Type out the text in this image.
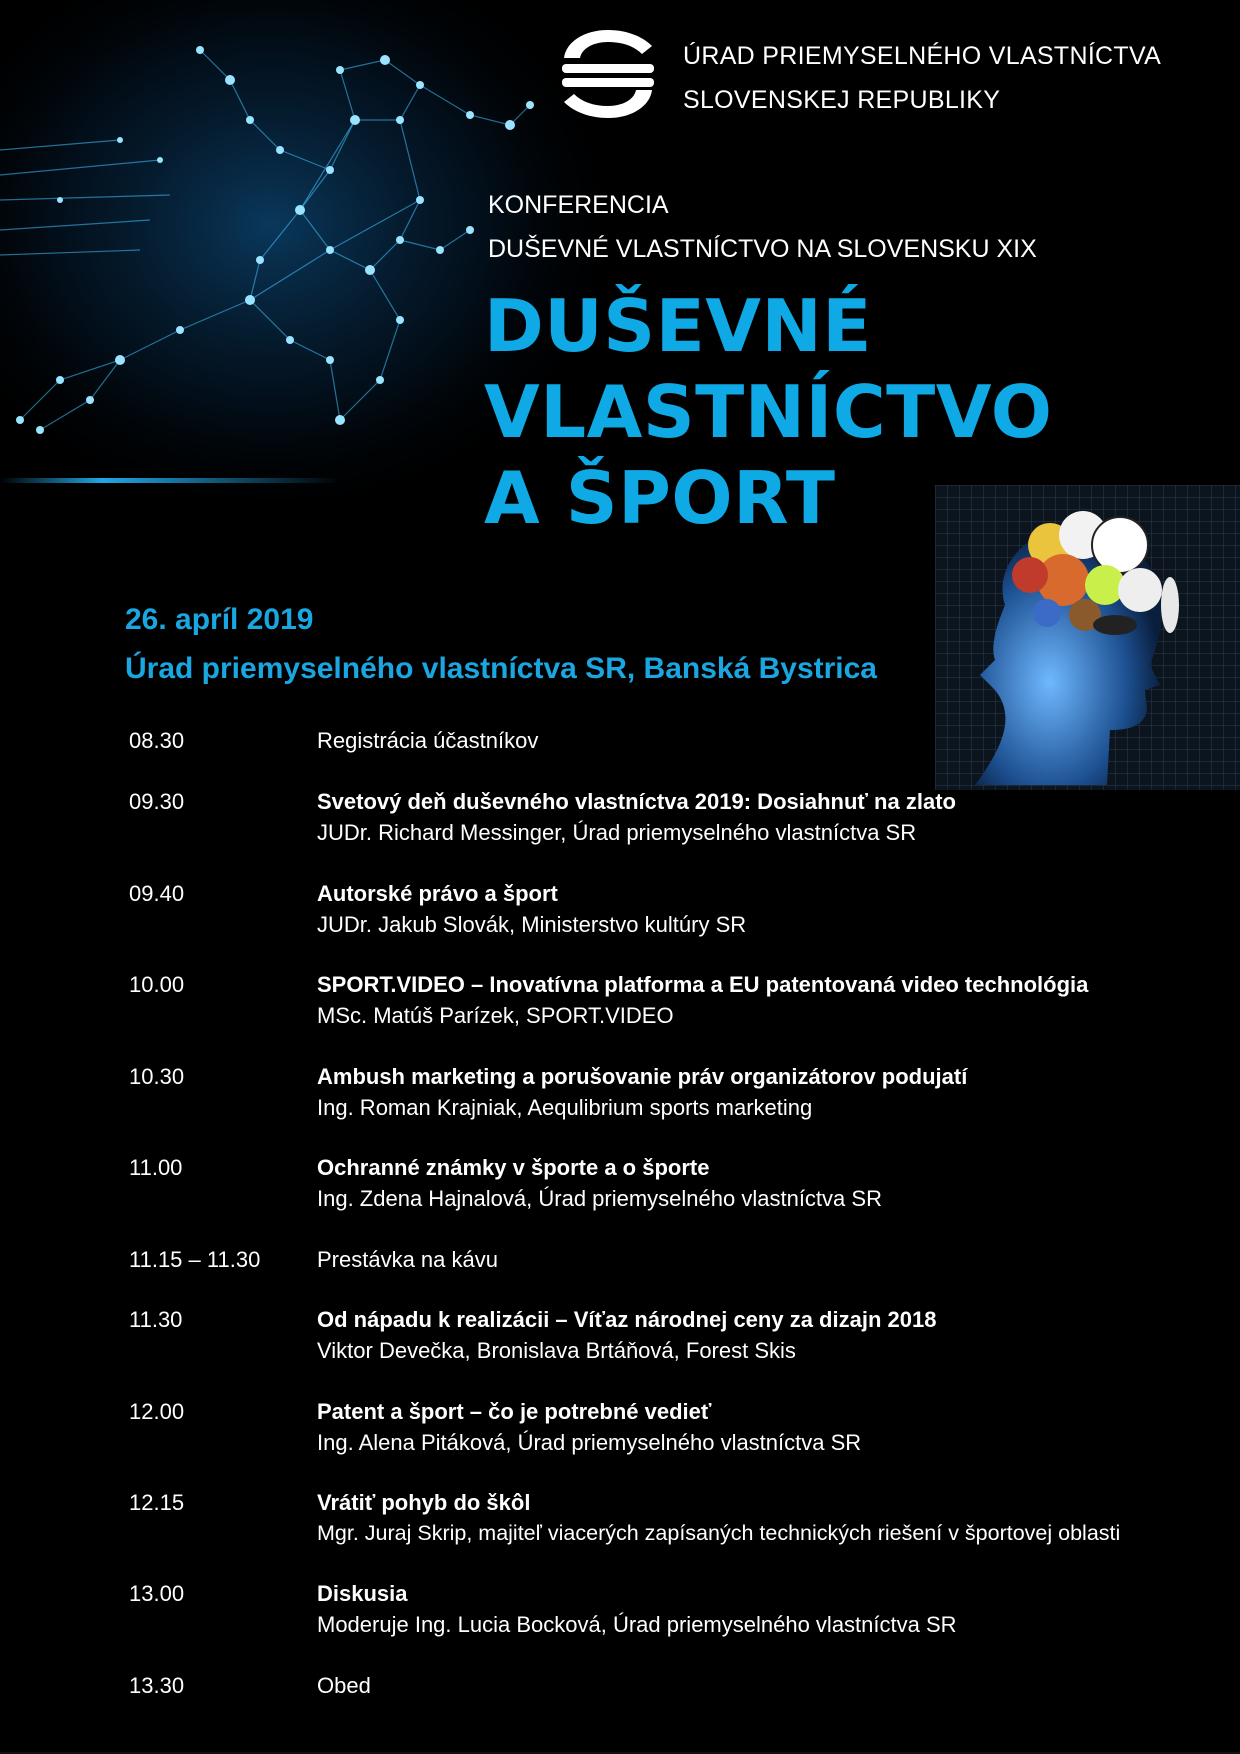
ÚRAD PRIEMYSELNÉHO VLASTNÍCTVA
SLOVENSKEJ REPUBLIKY
KONFERENCIA
DUŠEVNÉ VLASTNÍCTVO NA SLOVENSKU XIX
DUŠEVNÉ
VLASTNÍCTVO
A ŠPORT
26. apríl 2019
Úrad priemyselného vlastníctva SR, Banská Bystrica
08.30	Registrácia účastníkov
09.30	Svetový deň duševného vlastníctva 2019: Dosiahnuť na zlato
JUDr. Richard Messinger, Úrad priemyselného vlastníctva SR
09.40	Autorské právo a šport
JUDr. Jakub Slovák, Ministerstvo kultúry SR
10.00	SPORT.VIDEO – Inovatívna platforma a EU patentovaná video technológia
MSc. Matúš Parízek, SPORT.VIDEO
10.30	Ambush marketing a porušovanie práv organizátorov podujatí
Ing. Roman Krajniak, Aequlibrium sports marketing
11.00	Ochranné známky v športe a o športe
Ing. Zdena Hajnalová, Úrad priemyselného vlastníctva SR
11.15 – 11.30	Prestávka na kávu
11.30	Od nápadu k realizácii – Víťaz národnej ceny za dizajn 2018
Viktor Devečka, Bronislava Brtáňová, Forest Skis
12.00	Patent a šport – čo je potrebné vedieť
Ing. Alena Pitáková, Úrad priemyselného vlastníctva SR
12.15	Vrátiť pohyb do škôl
Mgr. Juraj Skrip, majiteľ viacerých zapísaných technických riešení v športovej oblasti
13.00	Diskusia
Moderuje Ing. Lucia Bocková, Úrad priemyselného vlastníctva SR
13.30	Obed
